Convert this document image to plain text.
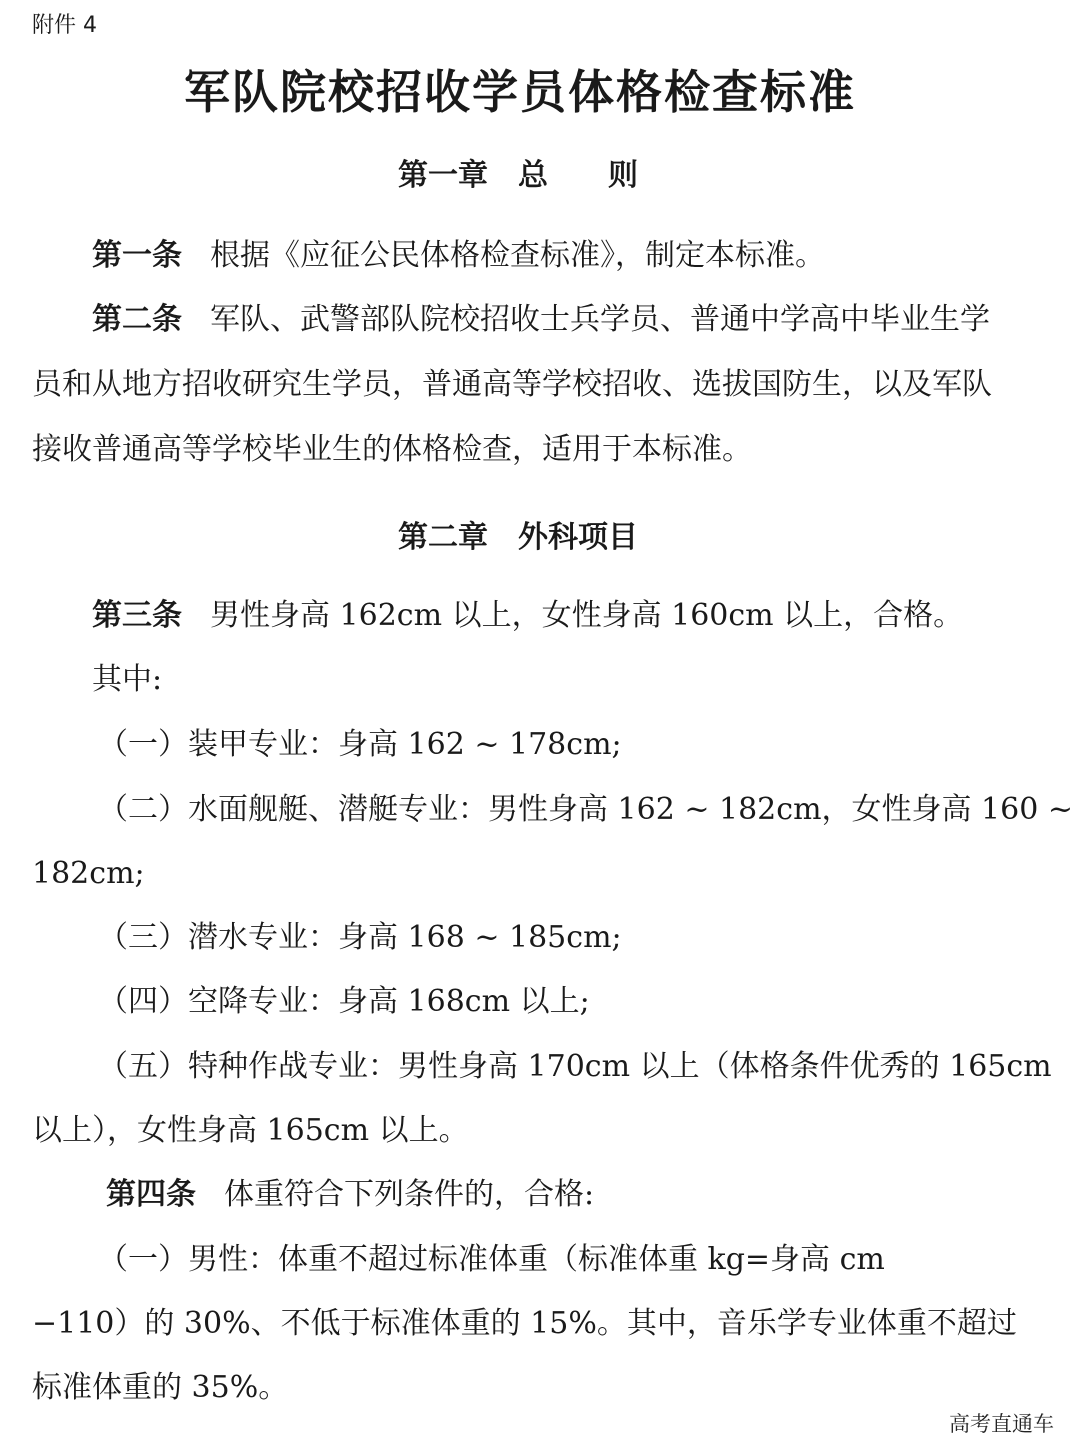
附件 4
军队院校招收学员体格检查标准
第一章　总　　则
第一条 根据《应征公民体格检查标准》，制定本标准。
第二条 军队、武警部队院校招收士兵学员、普通中学高中毕业生学
员和从地方招收研究生学员，普通高等学校招收、选拔国防生，以及军队
接收普通高等学校毕业生的体格检查，适用于本标准。
第二章　外科项目
第三条 男性身高 162cm 以上，女性身高 160cm 以上，合格。
其中:
（一）装甲专业：身高 162 ~ 178cm;
（二）水面舰艇、潜艇专业：男性身高 162 ~ 182cm，女性身高 160 ~
182cm;
（三）潜水专业：身高 168 ~ 185cm;
（四）空降专业：身高 168cm 以上;
（五）特种作战专业：男性身高 170cm 以上（体格条件优秀的 165cm
以上），女性身高 165cm 以上。
第四条 体重符合下列条件的，合格:
（一）男性：体重不超过标准体重（标准体重 kg=身高 cm
−110）的 30%、不低于标准体重的 15%。其中，音乐学专业体重不超过
标准体重的 35%。
高考直通车
